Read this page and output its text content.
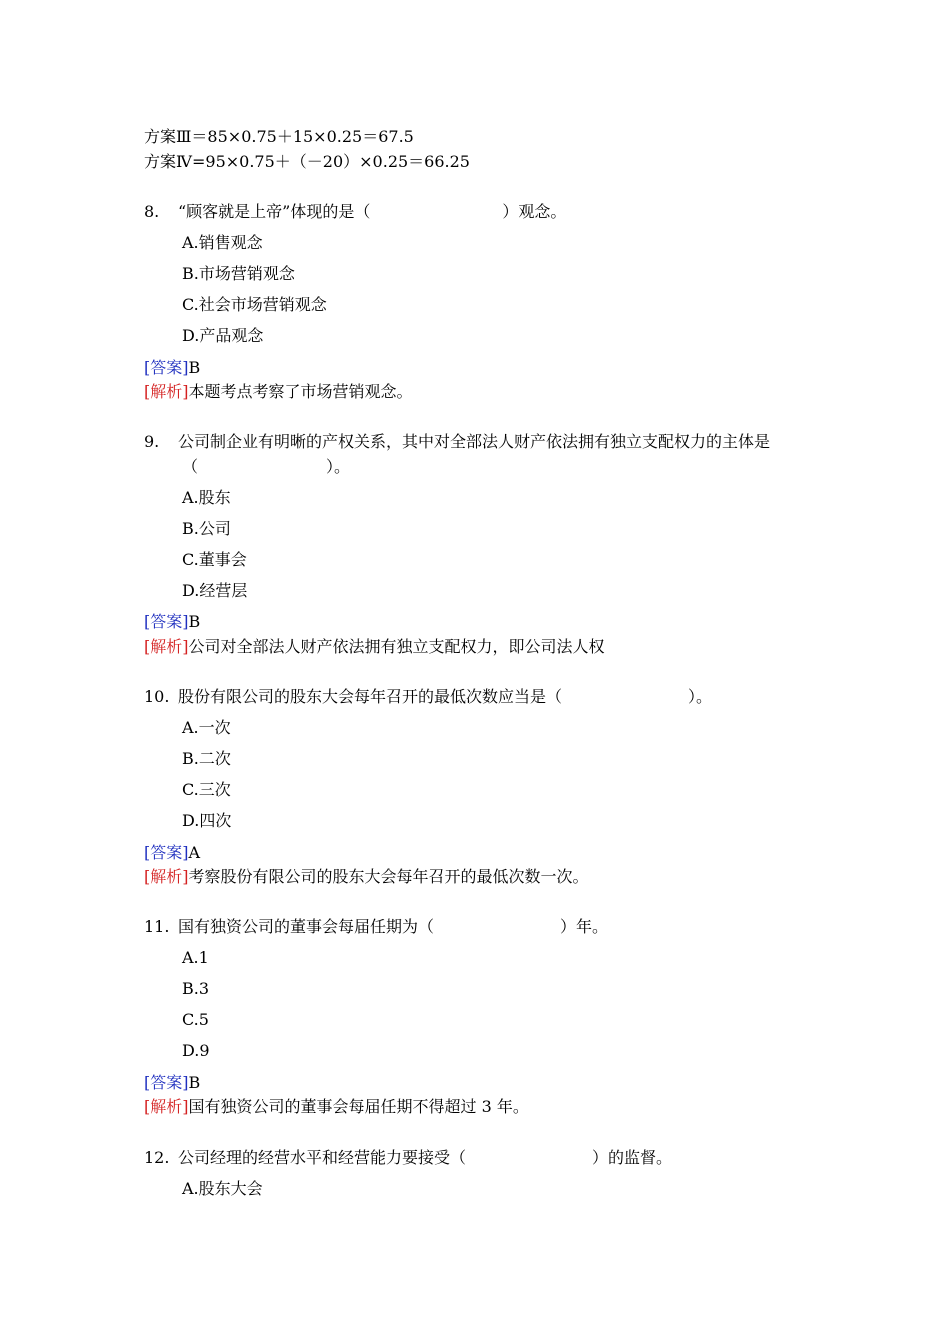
方案Ⅲ＝85×0.75＋15×0.25＝67.5
方案Ⅳ=95×0.75＋（－20）×0.25＝66.25
8. “顾客就是上帝”体现的是（	）观念。
A.销售观念
B.市场营销观念
C.社会市场营销观念
D.产品观念
[答案]B
[解析]本题考点考察了市场营销观念。
9. 公司制企业有明晰的产权关系，其中对全部法人财产依法拥有独立支配权力的主体是
（	）。
A.股东
B.公司
C.董事会
D.经营层
[答案]B
[解析]公司对全部法人财产依法拥有独立支配权力，即公司法人权
10. 股份有限公司的股东大会每年召开的最低次数应当是（	）。
A.一次
B.二次
C.三次
D.四次
[答案]A
[解析]考察股份有限公司的股东大会每年召开的最低次数一次。
11. 国有独资公司的董事会每届任期为（	）年。
A.1
B.3
C.5
D.9
[答案]B
[解析]国有独资公司的董事会每届任期不得超过 3 年。
12. 公司经理的经营水平和经营能力要接受（	）的监督。
A.股东大会
